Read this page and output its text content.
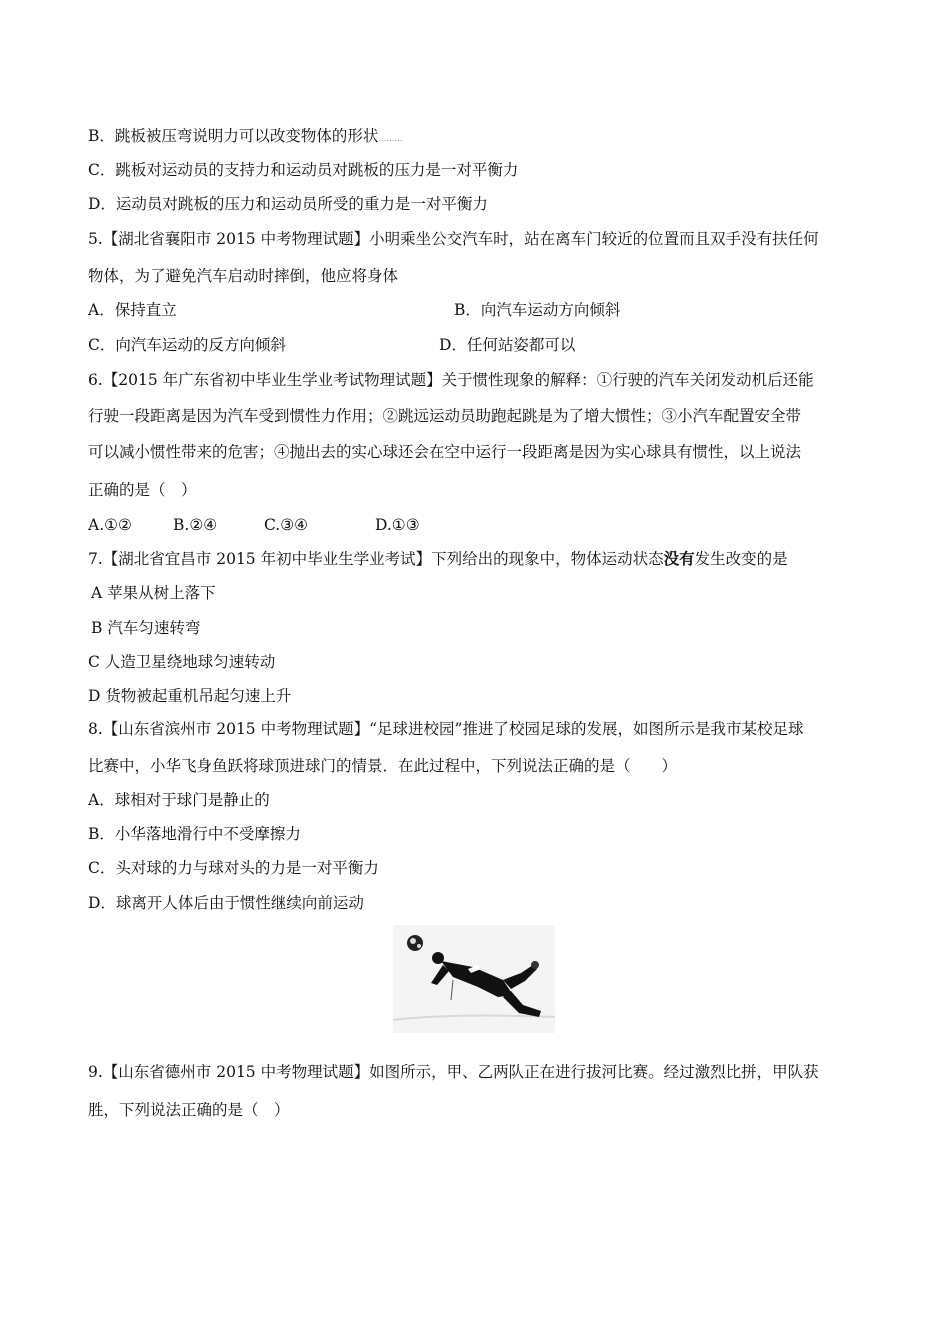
B．跳板被压弯说明力可以改变物体的形状………
C．跳板对运动员的支持力和运动员对跳板的压力是一对平衡力
D．运动员对跳板的压力和运动员所受的重力是一对平衡力
5.【湖北省襄阳市 2015 中考物理试题】小明乘坐公交汽车时，站在离车门较近的位置而且双手没有扶任何
物体，为了避免汽车启动时摔倒，他应将身体
A．保持直立	B．向汽车运动方向倾斜
C．向汽车运动的反方向倾斜	D．任何站姿都可以
6.【2015 年广东省初中毕业生学业考试物理试题】关于惯性现象的解释：①行驶的汽车关闭发动机后还能
行驶一段距离是因为汽车受到惯性力作用；②跳远运动员助跑起跳是为了增大惯性；③小汽车配置安全带
可以减小惯性带来的危害；④抛出去的实心球还会在空中运行一段距离是因为实心球具有惯性，以上说法
正确的是（　）
A.①②	B.②④	C.③④	D.①③
7.【湖北省宜昌市 2015 年初中毕业生学业考试】下列给出的现象中，物体运动状态没有发生改变的是
A 苹果从树上落下
B 汽车匀速转弯
C 人造卫星绕地球匀速转动
D 货物被起重机吊起匀速上升
8.【山东省滨州市 2015 中考物理试题】“足球进校园”推进了校园足球的发展，如图所示是我市某校足球
比赛中，小华飞身鱼跃将球顶进球门的情景．在此过程中，下列说法正确的是（　　）
A．球相对于球门是静止的
B．小华落地滑行中不受摩擦力
C．头对球的力与球对头的力是一对平衡力
D．球离开人体后由于惯性继续向前运动
9.【山东省德州市 2015 中考物理试题】如图所示，甲、乙两队正在进行拔河比赛。经过激烈比拼，甲队获
胜，下列说法正确的是（　）
